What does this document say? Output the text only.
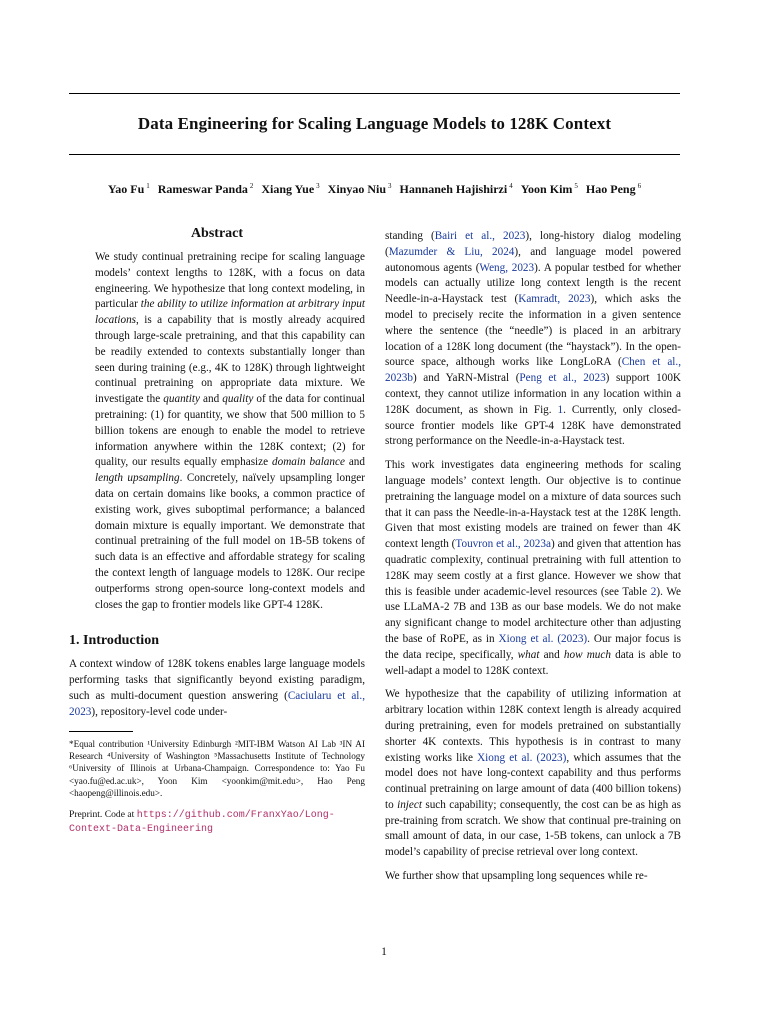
Data Engineering for Scaling Language Models to 128K Context
Yao Fu $^1$ Rameswar Panda $^2$ Xiang Yue $^3$ Xinyao Niu $^3$ Hannaneh Hajishirzi $^4$ Yoon Kim $^5$ Hao Peng $^6$
Abstract

We study continual pretraining recipe for scaling language models’ context lengths to 128K, with a focus on data engineering. We hypothesize that long context modeling, in particular the ability to utilize information at arbitrary input locations, is a capability that is mostly already acquired through large-scale pretraining, and that this capability can be readily extended to contexts substantially longer than seen during training (e.g., 4K to 128K) through lightweight continual pretraining on appropriate data mixture. We investigate the quantity and quality of the data for continual pretraining: (1) for quantity, we show that 500 million to 5 billion tokens are enough to enable the model to retrieve information anywhere within the 128K context; (2) for quality, our results equally emphasize domain balance and length upsampling. Concretely, naïvely upsampling longer data on certain domains like books, a common practice of existing work, gives suboptimal performance; a balanced domain mixture is equally important. We demonstrate that continual pretraining of the full model on 1B-5B tokens of such data is an effective and affordable strategy for scaling the context length of language models to 128K. Our recipe outperforms strong open-source long-context models and closes the gap to frontier models like GPT-4 128K.

1. Introduction

A context window of 128K tokens enables large language models performing tasks that significantly beyond existing paradigm, such as multi-document question answering (Caciularu et al., 2023), repository-level code under-

*Equal contribution ¹University Edinburgh ²MIT-IBM Watson AI Lab ³IN AI Research ⁴University of Washington ⁵Massachusetts Institute of Technology ⁶University of Illinois at Urbana-Champaign. Correspondence to: Yao Fu <yao.fu@ed.ac.uk>, Yoon Kim <yoonkim@mit.edu>, Hao Peng <haopeng@illinois.edu>.

Preprint. Code at https://github.com/FranxYao/Long-Context-Data-Engineering

standing (Bairi et al., 2023), long-history dialog modeling (Mazumder & Liu, 2024), and language model powered autonomous agents (Weng, 2023). A popular testbed for whether models can actually utilize long context length is the recent Needle-in-a-Haystack test (Kamradt, 2023), which asks the model to precisely recite the information in a given sentence where the sentence (the “needle”) is placed in an arbitrary location of a 128K long document (the “haystack”). In the open-source space, although works like LongLoRA (Chen et al., 2023b) and YaRN-Mistral (Peng et al., 2023) support 100K context, they cannot utilize information in any location within a 128K document, as shown in Fig. 1. Currently, only closed-source frontier models like GPT-4 128K have demonstrated strong performance on the Needle-in-a-Haystack test.

This work investigates data engineering methods for scaling language models’ context length. Our objective is to continue pretraining the language model on a mixture of data sources such that it can pass the Needle-in-a-Haystack test at the 128K length. Given that most existing models are trained on fewer than 4K context length (Touvron et al., 2023a) and given that attention has quadratic complexity, continual pretraining with full attention to 128K may seem costly at a first glance. However we show that this is feasible under academic-level resources (see Table 2). We use LLaMA-2 7B and 13B as our base models. We do not make any significant change to model architecture other than adjusting the base of RoPE, as in Xiong et al. (2023). Our major focus is the data recipe, specifically, what and how much data is able to well-adapt a model to 128K context.

We hypothesize that the capability of utilizing information at arbitrary location within 128K context length is already acquired during pretraining, even for models pretrained on substantially shorter 4K contexts. This hypothesis is in contrast to many existing works like Xiong et al. (2023), which assumes that the model does not have long-context capability and thus performs continual pretraining on large amount of data (400 billion tokens) to inject such capability; consequently, the cost can be as high as pre-training from scratch. We show that continual pre-training on small amount of data, in our case, 1-5B tokens, can unlock a 7B model’s capability of precise retrieval over long context.

We further show that upsampling long sequences while re-

1
